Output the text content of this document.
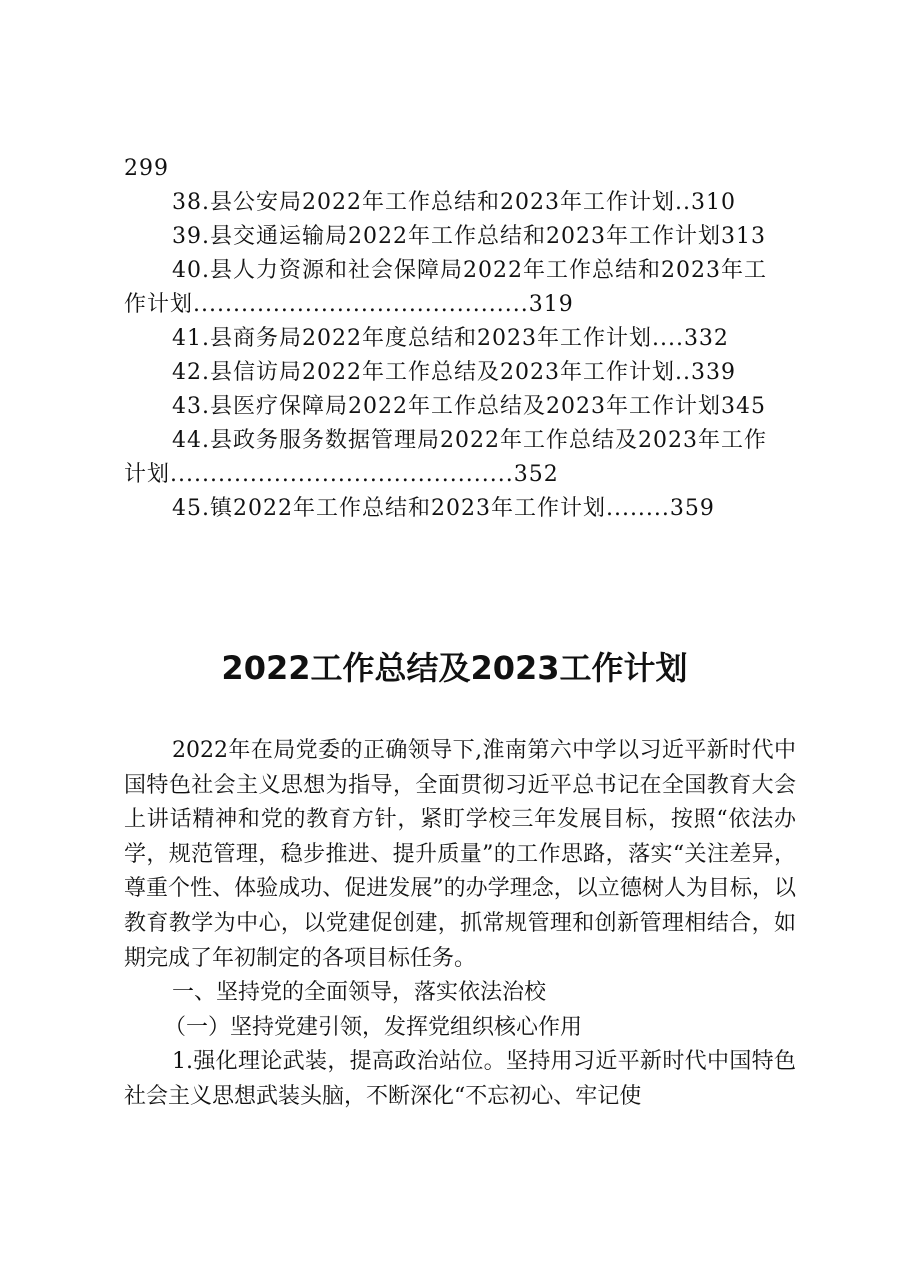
299
38.县公安局2022年工作总结和2023年工作计划..310
39.县交通运输局2022年工作总结和2023年工作计划313
40.县人力资源和社会保障局2022年工作总结和2023年工
作计划..........................................319
41.县商务局2022年度总结和2023年工作计划....332
42.县信访局2022年工作总结及2023年工作计划..339
43.县医疗保障局2022年工作总结及2023年工作计划345
44.县政务服务数据管理局2022年工作总结及2023年工作
计划...........................................352
45.镇2022年工作总结和2023年工作计划........359
2022工作总结及2023工作计划

2022年在局党委的正确领导下,淮南第六中学以习近平新时代中国特色社会主义思想为指导，全面贯彻习近平总书记在全国教育大会上讲话精神和党的教育方针，紧盯学校三年发展目标，按照“依法办学，规范管理，稳步推进、提升质量”的工作思路，落实“关注差异，尊重个性、体验成功、促进发展”的办学理念，以立德树人为目标，以教育教学为中心，以党建促创建，抓常规管理和创新管理相结合，如期完成了年初制定的各项目标任务。

一、坚持党的全面领导，落实依法治校

（一）坚持党建引领，发挥党组织核心作用

1.强化理论武装，提高政治站位。坚持用习近平新时代中国特色社会主义思想武装头脑，不断深化“不忘初心、牢记使
